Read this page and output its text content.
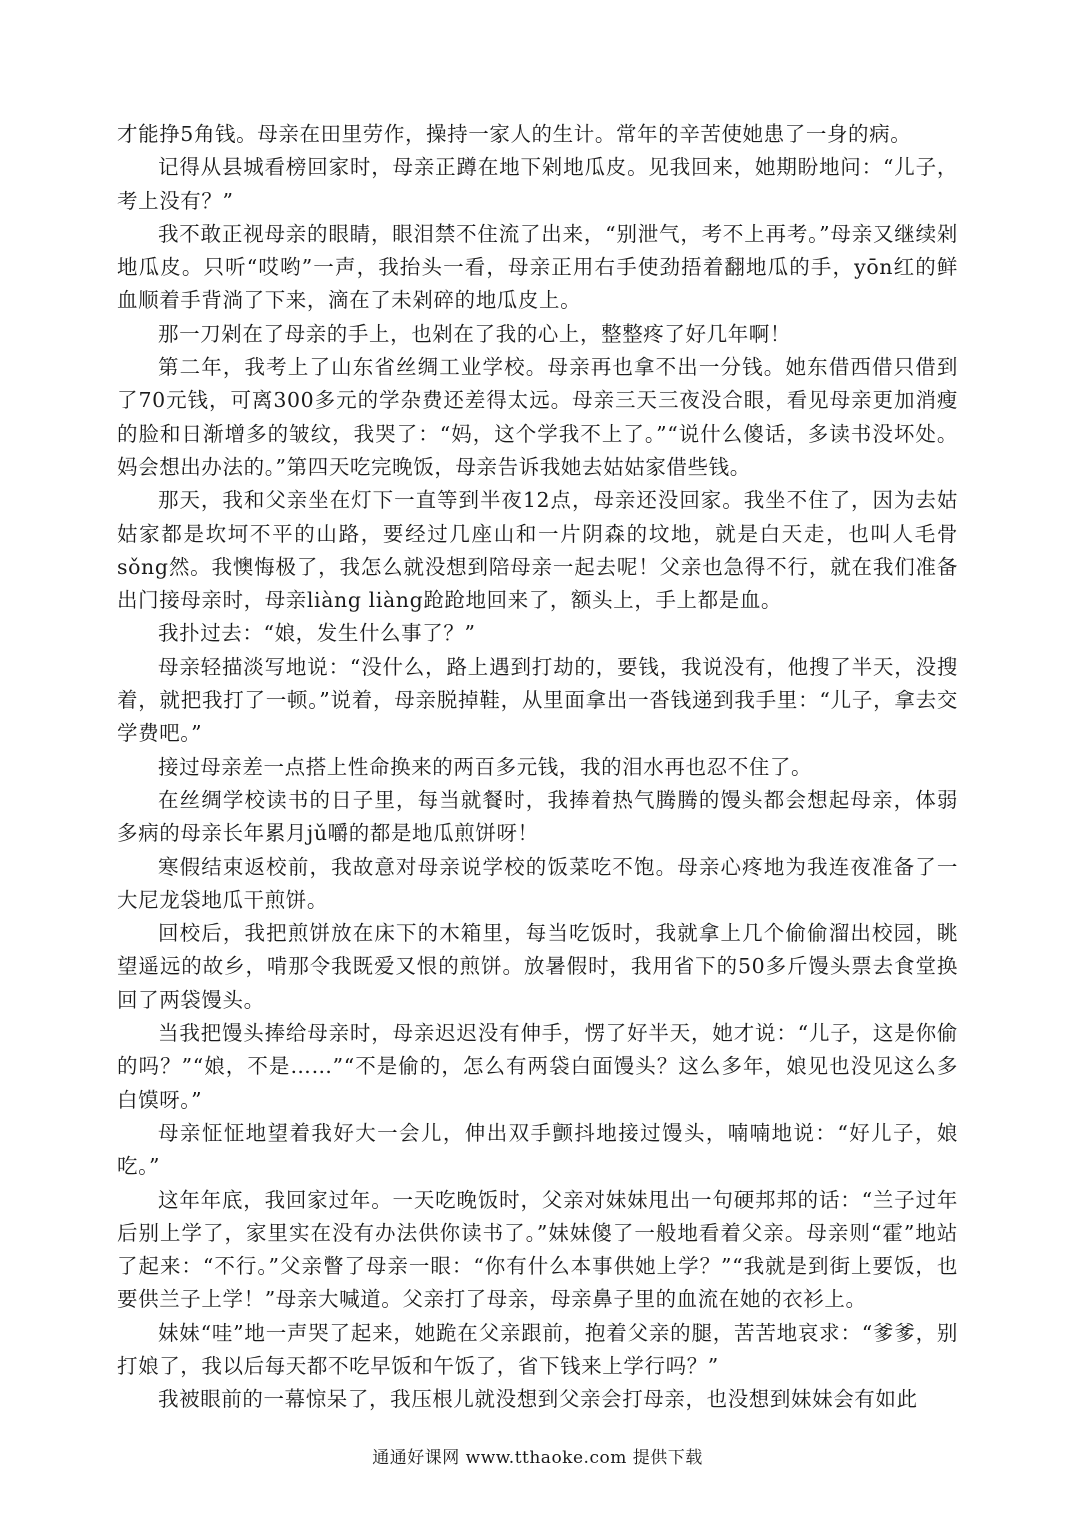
才能挣5角钱。母亲在田里劳作，操持一家人的生计。常年的辛苦使她患了一身的病。

记得从县城看榜回家时，母亲正蹲在地下剁地瓜皮。见我回来，她期盼地问：“儿子，考上没有？”

我不敢正视母亲的眼睛，眼泪禁不住流了出来，“别泄气，考不上再考。”母亲又继续剁地瓜皮。只听“哎哟”一声，我抬头一看，母亲正用右手使劲捂着翻地瓜的手，yōn红的鲜血顺着手背淌了下来，滴在了未剁碎的地瓜皮上。

那一刀剁在了母亲的手上，也剁在了我的心上，整整疼了好几年啊！

第二年，我考上了山东省丝绸工业学校。母亲再也拿不出一分钱。她东借西借只借到了70元钱，可离300多元的学杂费还差得太远。母亲三天三夜没合眼，看见母亲更加消瘦的脸和日渐增多的皱纹，我哭了：“妈，这个学我不上了。”“说什么傻话，多读书没坏处。妈会想出办法的。”第四天吃完晚饭，母亲告诉我她去姑姑家借些钱。

那天，我和父亲坐在灯下一直等到半夜12点，母亲还没回家。我坐不住了，因为去姑姑家都是坎坷不平的山路，要经过几座山和一片阴森的坟地，就是白天走，也叫人毛骨sǒng然。我懊悔极了，我怎么就没想到陪母亲一起去呢！父亲也急得不行，就在我们准备出门接母亲时，母亲liàng liàng跄跄地回来了，额头上，手上都是血。

我扑过去：“娘，发生什么事了？”

母亲轻描淡写地说：“没什么，路上遇到打劫的，要钱，我说没有，他搜了半天，没搜着，就把我打了一顿。”说着，母亲脱掉鞋，从里面拿出一沓钱递到我手里：“儿子，拿去交学费吧。”

接过母亲差一点搭上性命换来的两百多元钱，我的泪水再也忍不住了。

在丝绸学校读书的日子里，每当就餐时，我捧着热气腾腾的馒头都会想起母亲，体弱多病的母亲长年累月jǔ嚼的都是地瓜煎饼呀！

寒假结束返校前，我故意对母亲说学校的饭菜吃不饱。母亲心疼地为我连夜准备了一大尼龙袋地瓜干煎饼。

回校后，我把煎饼放在床下的木箱里，每当吃饭时，我就拿上几个偷偷溜出校园，眺望遥远的故乡，啃那令我既爱又恨的煎饼。放暑假时，我用省下的50多斤馒头票去食堂换回了两袋馒头。

当我把馒头捧给母亲时，母亲迟迟没有伸手，愣了好半天，她才说：“儿子，这是你偷的吗？”“娘，不是……”“不是偷的，怎么有两袋白面馒头？这么多年，娘见也没见这么多白馍呀。”

母亲怔怔地望着我好大一会儿，伸出双手颤抖地接过馒头，喃喃地说：“好儿子，娘吃。”

这年年底，我回家过年。一天吃晚饭时，父亲对妹妹甩出一句硬邦邦的话：“兰子过年后别上学了，家里实在没有办法供你读书了。”妹妹傻了一般地看着父亲。母亲则“霍”地站了起来：“不行。”父亲瞥了母亲一眼：“你有什么本事供她上学？”“我就是到街上要饭，也要供兰子上学！”母亲大喊道。父亲打了母亲，母亲鼻子里的血流在她的衣衫上。

妹妹“哇”地一声哭了起来，她跪在父亲跟前，抱着父亲的腿，苦苦地哀求：“爹爹，别打娘了，我以后每天都不吃早饭和午饭了，省下钱来上学行吗？”

我被眼前的一幕惊呆了，我压根儿就没想到父亲会打母亲，也没想到妹妹会有如此

通通好课网 www.tthaoke.com 提供下载
